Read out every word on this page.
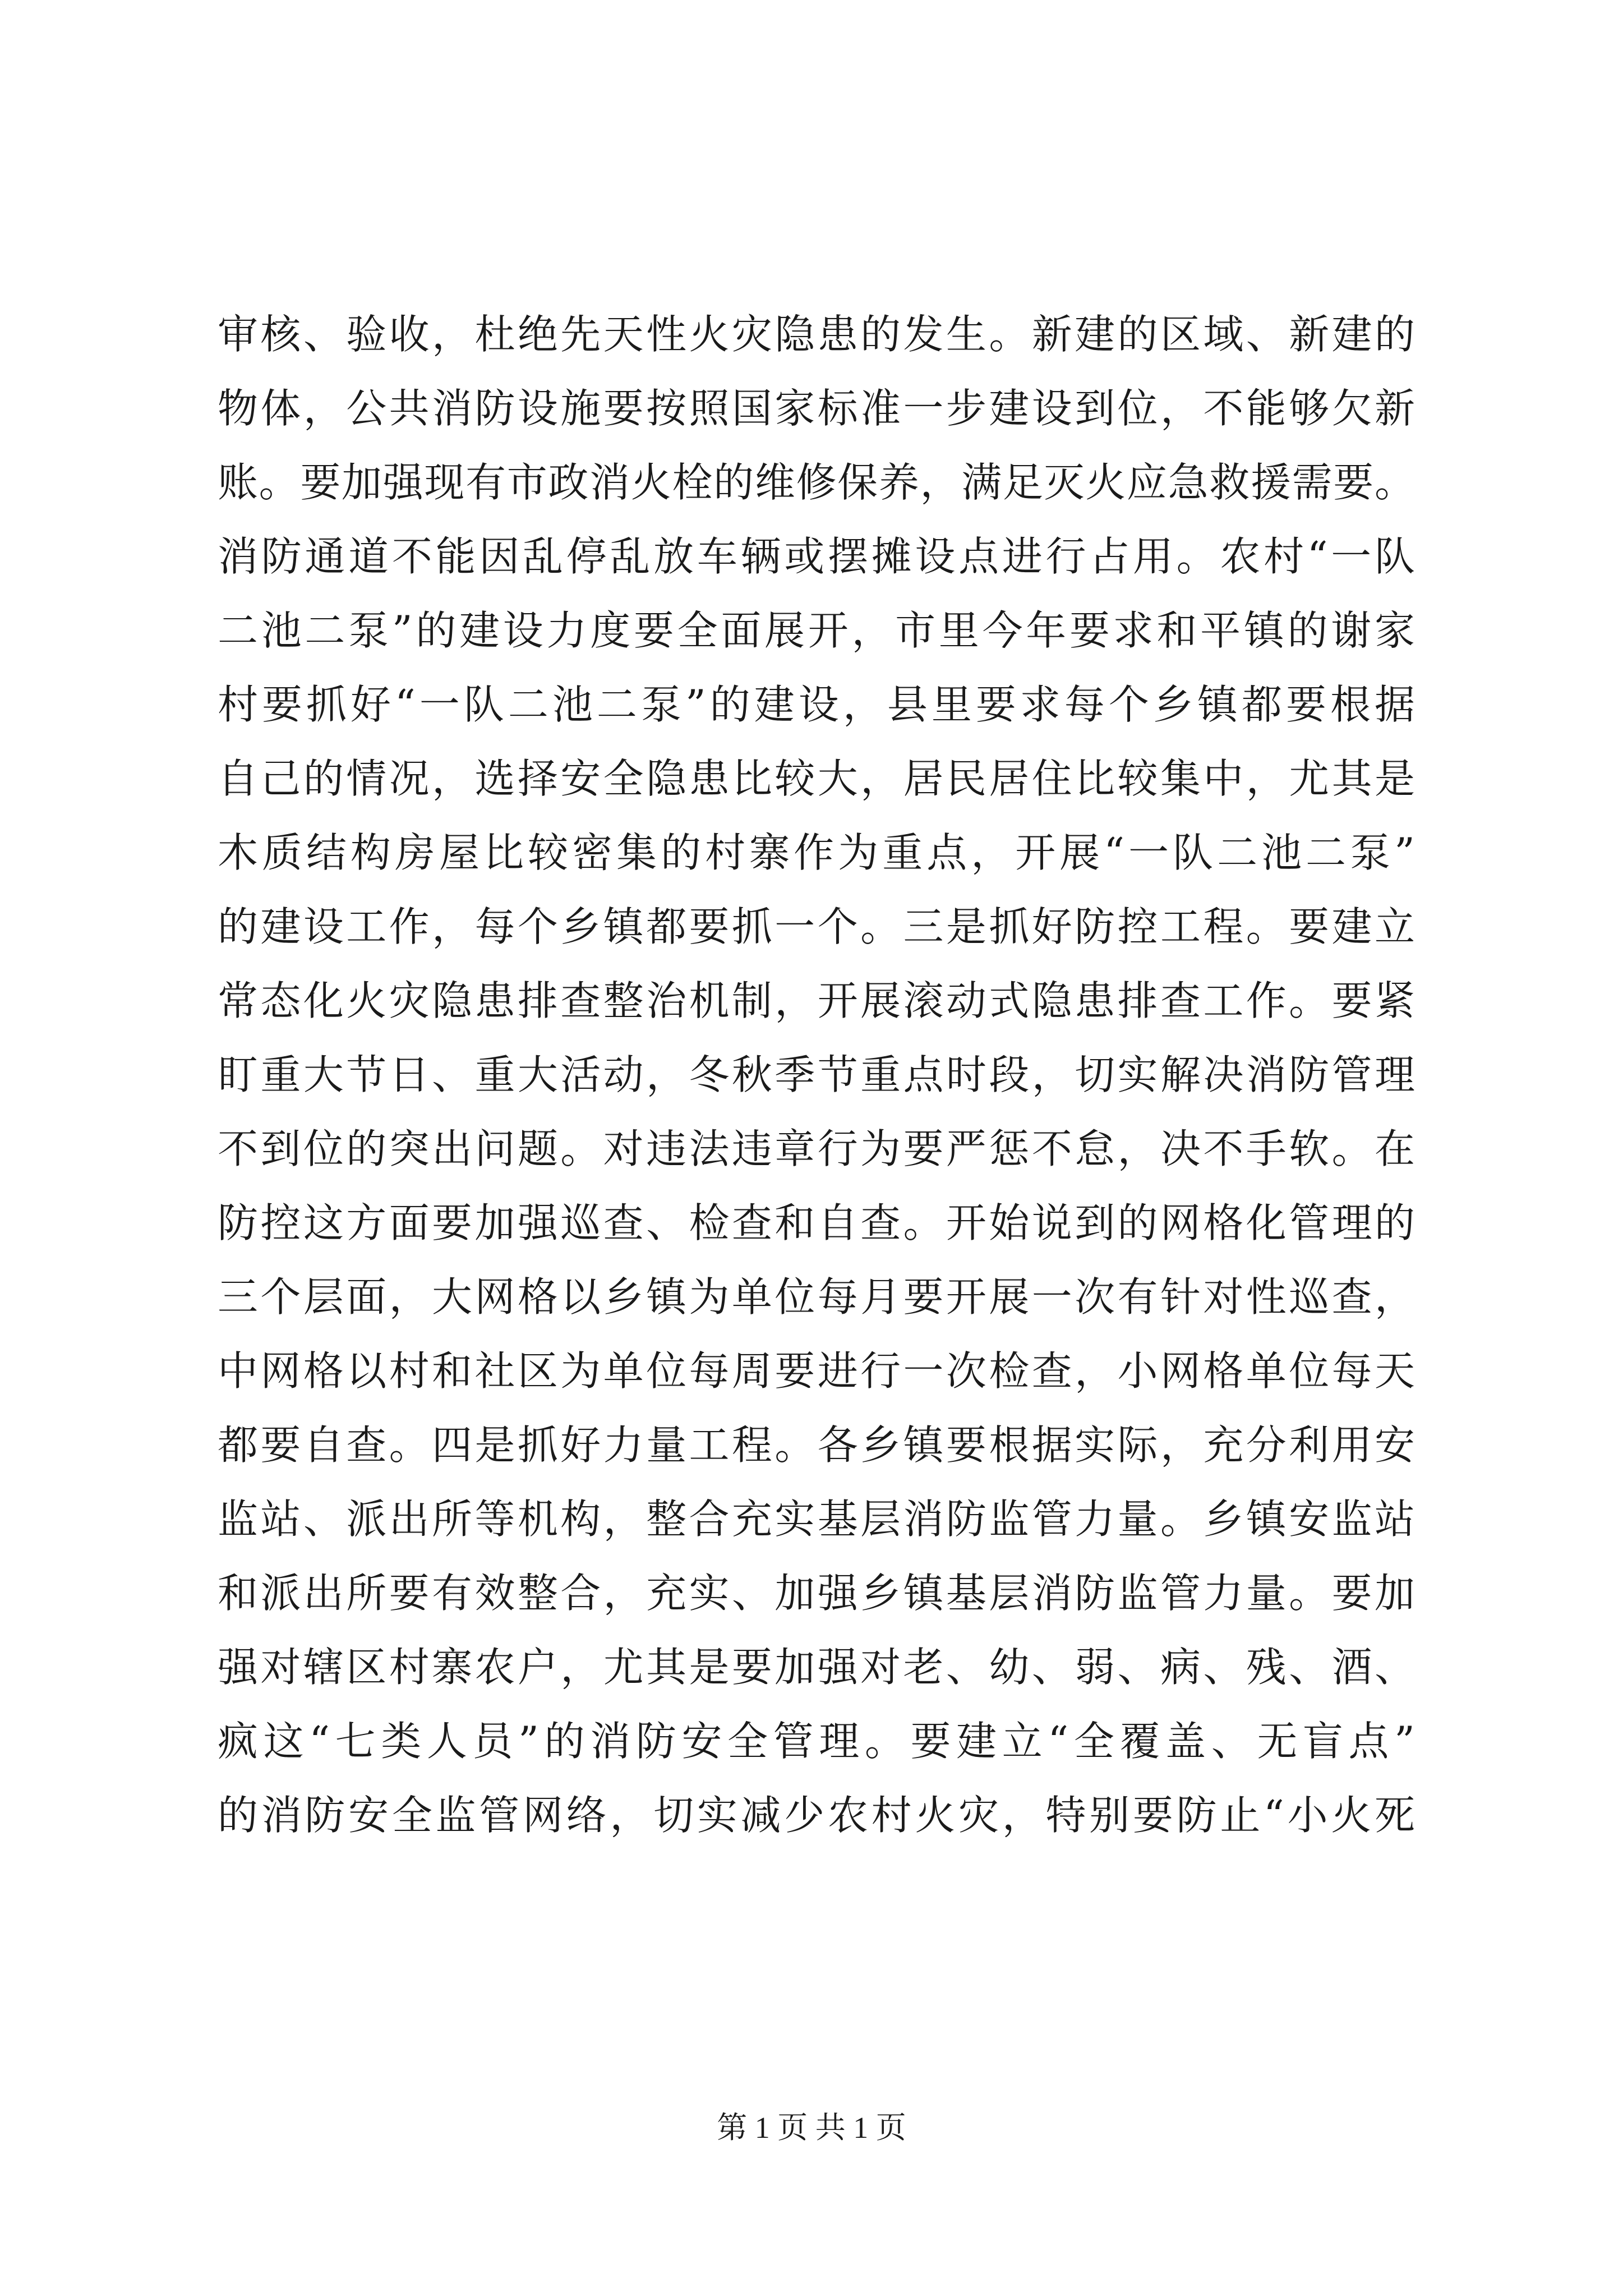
审核、验收，杜绝先天性火灾隐患的发生。新建的区域、新建的
物体，公共消防设施要按照国家标准一步建设到位，不能够欠新
账。要加强现有市政消火栓的维修保养，满足灭火应急救援需要。
消防通道不能因乱停乱放车辆或摆摊设点进行占用。农村“一队
二池二泵”的建设力度要全面展开，市里今年要求和平镇的谢家
村要抓好“一队二池二泵”的建设，县里要求每个乡镇都要根据
自己的情况，选择安全隐患比较大，居民居住比较集中，尤其是
木质结构房屋比较密集的村寨作为重点，开展“一队二池二泵”
的建设工作，每个乡镇都要抓一个。三是抓好防控工程。要建立
常态化火灾隐患排查整治机制，开展滚动式隐患排查工作。要紧
盯重大节日、重大活动，冬秋季节重点时段，切实解决消防管理
不到位的突出问题。对违法违章行为要严惩不怠，决不手软。在
防控这方面要加强巡查、检查和自查。开始说到的网格化管理的
三个层面，大网格以乡镇为单位每月要开展一次有针对性巡查，
中网格以村和社区为单位每周要进行一次检查，小网格单位每天
都要自查。四是抓好力量工程。各乡镇要根据实际，充分利用安
监站、派出所等机构，整合充实基层消防监管力量。乡镇安监站
和派出所要有效整合，充实、加强乡镇基层消防监管力量。要加
强对辖区村寨农户，尤其是要加强对老、幼、弱、病、残、酒、
疯这“七类人员”的消防安全管理。要建立“全覆盖、无盲点”
的消防安全监管网络，切实减少农村火灾，特别要防止“小火死
第 1 页 共 1 页
